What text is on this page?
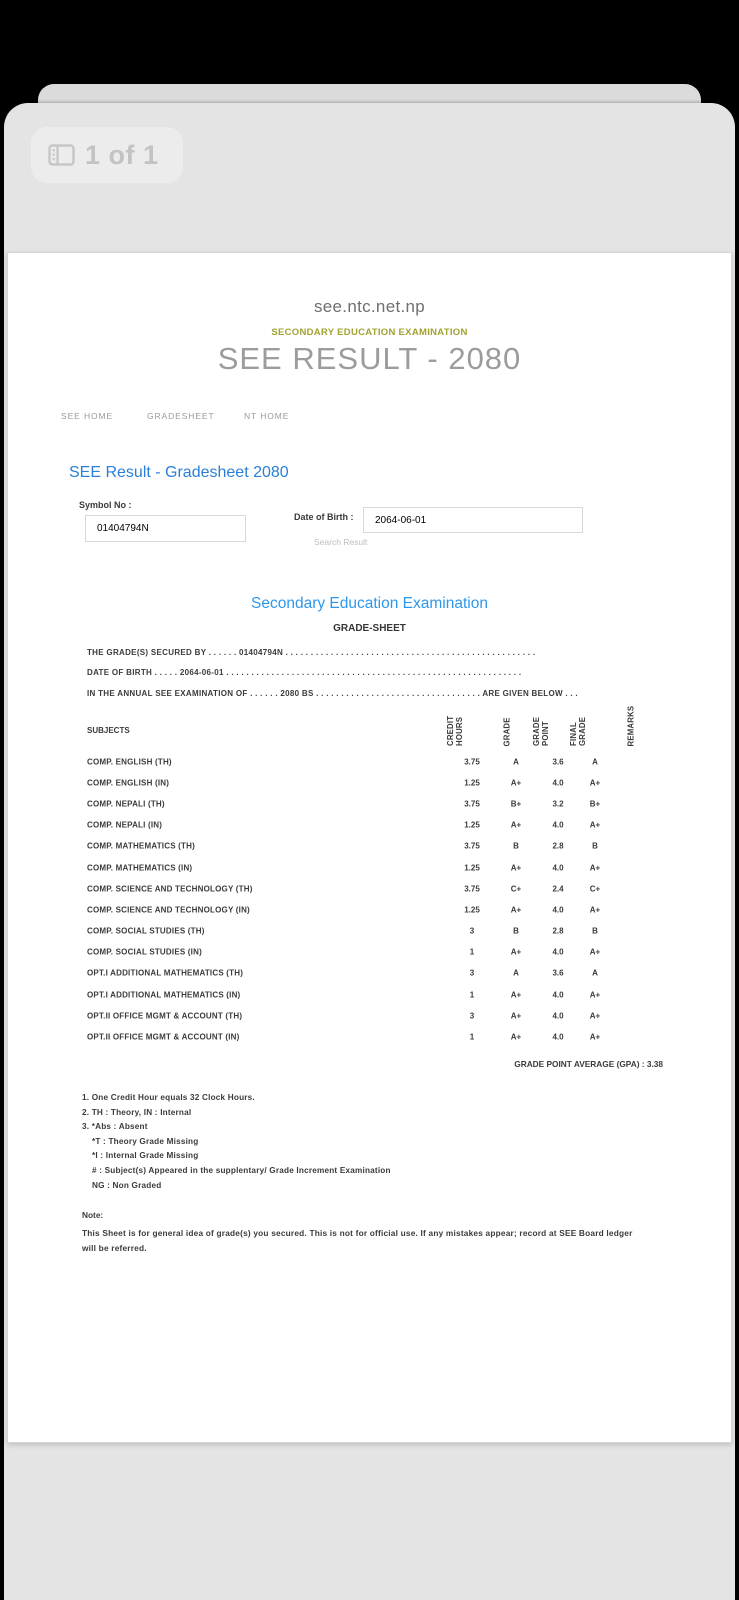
1 of 1
see.ntc.net.np
SECONDARY EDUCATION EXAMINATION
SEE RESULT - 2080
SEE HOME	GRADESHEET	NT HOME
SEE Result - Gradesheet 2080
Symbol No :
01404794N
Date of Birth :
2064-06-01
Search Result
Secondary Education Examination
GRADE-SHEET
THE GRADE(S) SECURED BY . . . . . . 01404794N . . . . . . . . . . . . . . . . . . . . . . . . . . . . . . . . . . . . . . . . . . . . . . . . . .
DATE OF BIRTH . . . . . 2064-06-01 . . . . . . . . . . . . . . . . . . . . . . . . . . . . . . . . . . . . . . . . . . . . . . . . . . . . . . . . . . .
IN THE ANNUAL SEE EXAMINATION OF . . . . . . 2080 BS . . . . . . . . . . . . . . . . . . . . . . . . . . . . . . . . . ARE GIVEN BELOW . . .
SUBJECTS	CREDIT HOURS	GRADE	GRADE POINT	FINAL GRADE	REMARKS
COMP. ENGLISH (TH)	3.75	A	3.6	A
COMP. ENGLISH (IN)	1.25	A+	4.0	A+
COMP. NEPALI (TH)	3.75	B+	3.2	B+
COMP. NEPALI (IN)	1.25	A+	4.0	A+
COMP. MATHEMATICS (TH)	3.75	B	2.8	B
COMP. MATHEMATICS (IN)	1.25	A+	4.0	A+
COMP. SCIENCE AND TECHNOLOGY (TH)	3.75	C+	2.4	C+
COMP. SCIENCE AND TECHNOLOGY (IN)	1.25	A+	4.0	A+
COMP. SOCIAL STUDIES (TH)	3	B	2.8	B
COMP. SOCIAL STUDIES (IN)	1	A+	4.0	A+
OPT.I ADDITIONAL MATHEMATICS (TH)	3	A	3.6	A
OPT.I ADDITIONAL MATHEMATICS (IN)	1	A+	4.0	A+
OPT.II OFFICE MGMT & ACCOUNT (TH)	3	A+	4.0	A+
OPT.II OFFICE MGMT & ACCOUNT (IN)	1	A+	4.0	A+
GRADE POINT AVERAGE (GPA) : 3.38
1. One Credit Hour equals 32 Clock Hours.
2. TH : Theory, IN : Internal
3. *Abs : Absent
*T : Theory Grade Missing
*I : Internal Grade Missing
# : Subject(s) Appeared in the supplentary/ Grade Increment Examination
NG : Non Graded
Note:
This Sheet is for general idea of grade(s) you secured. This is not for official use. If any mistakes appear; record at SEE Board ledger will be referred.
